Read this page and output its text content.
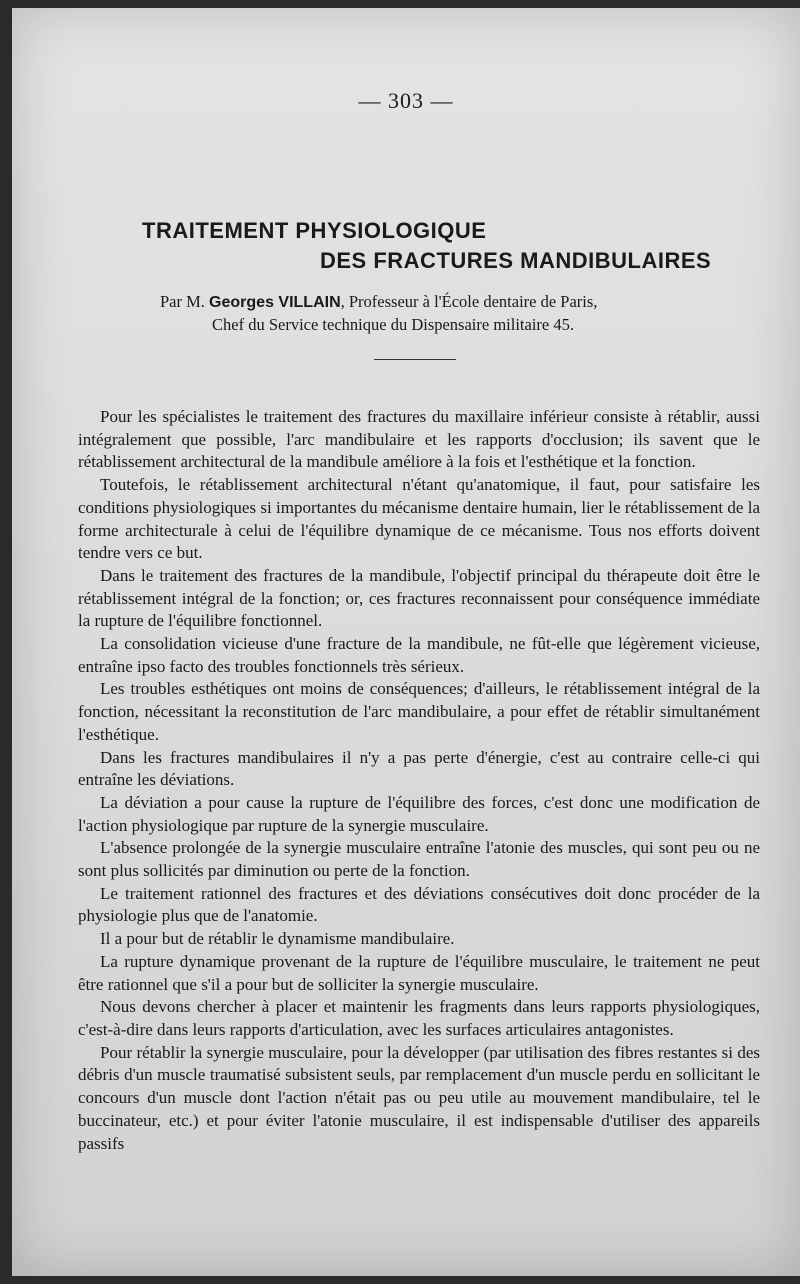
— 303 —
TRAITEMENT PHYSIOLOGIQUE
DES FRACTURES MANDIBULAIRES
Par M. Georges VILLAIN, Professeur à l'École dentaire de Paris,
Chef du Service technique du Dispensaire militaire 45.

Pour les spécialistes le traitement des fractures du maxillaire inférieur consiste à rétablir, aussi intégralement que possible, l'arc mandibulaire et les rapports d'occlusion; ils savent que le rétablissement architectural de la mandibule améliore à la fois et l'esthétique et la fonction.

Toutefois, le rétablissement architectural n'étant qu'anatomique, il faut, pour satisfaire les conditions physiologiques si importantes du mécanisme dentaire humain, lier le rétablissement de la forme architecturale à celui de l'équilibre dynamique de ce mécanisme. Tous nos efforts doivent tendre vers ce but.

Dans le traitement des fractures de la mandibule, l'objectif principal du thérapeute doit être le rétablissement intégral de la fonction; or, ces fractures reconnaissent pour conséquence immédiate la rupture de l'équilibre fonctionnel.

La consolidation vicieuse d'une fracture de la mandibule, ne fût-elle que légèrement vicieuse, entraîne ipso facto des troubles fonctionnels très sérieux.

Les troubles esthétiques ont moins de conséquences; d'ailleurs, le rétablissement intégral de la fonction, nécessitant la reconstitution de l'arc mandibulaire, a pour effet de rétablir simultanément l'esthétique.

Dans les fractures mandibulaires il n'y a pas perte d'énergie, c'est au contraire celle-ci qui entraîne les déviations.

La déviation a pour cause la rupture de l'équilibre des forces, c'est donc une modification de l'action physiologique par rupture de la synergie musculaire.

L'absence prolongée de la synergie musculaire entraîne l'atonie des muscles, qui sont peu ou ne sont plus sollicités par diminution ou perte de la fonction.

Le traitement rationnel des fractures et des déviations consécutives doit donc procéder de la physiologie plus que de l'anatomie.

Il a pour but de rétablir le dynamisme mandibulaire.

La rupture dynamique provenant de la rupture de l'équilibre musculaire, le traitement ne peut être rationnel que s'il a pour but de solliciter la synergie musculaire.

Nous devons chercher à placer et maintenir les fragments dans leurs rapports physiologiques, c'est-à-dire dans leurs rapports d'articulation, avec les surfaces articulaires antagonistes.

Pour rétablir la synergie musculaire, pour la développer (par utilisation des fibres restantes si des débris d'un muscle traumatisé subsistent seuls, par remplacement d'un muscle perdu en sollicitant le concours d'un muscle dont l'action n'était pas ou peu utile au mouvement mandibulaire, tel le buccinateur, etc.) et pour éviter l'atonie musculaire, il est indispensable d'utiliser des appareils passifs
